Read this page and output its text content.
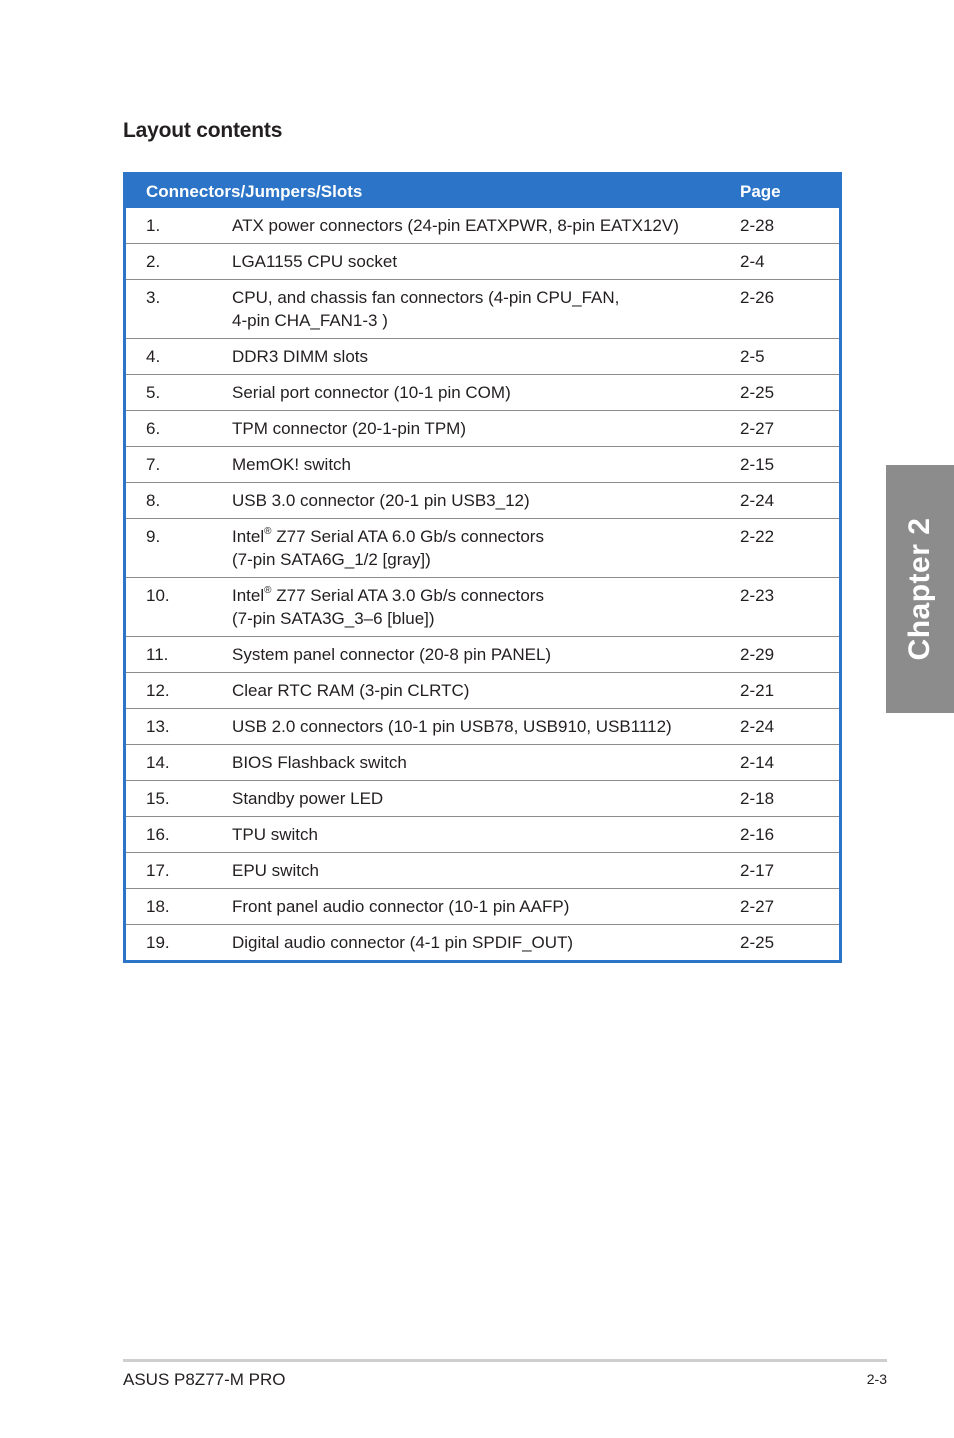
Layout contents
Connectors/Jumpers/Slots		Page
1.	ATX power connectors (24-pin EATXPWR, 8-pin EATX12V)	2-28
2.	LGA1155 CPU socket	2-4
3.	CPU, and chassis fan connectors (4-pin CPU_FAN,
4-pin CHA_FAN1-3 )	2-26
4.	DDR3 DIMM slots	2-5
5.	Serial port connector (10-1 pin COM)	2-25
6.	TPM connector (20-1-pin TPM)	2-27
7.	MemOK! switch	2-15
8.	USB 3.0 connector (20-1 pin USB3_12)	2-24
9.	Intel® Z77 Serial ATA 6.0 Gb/s connectors
(7-pin SATA6G_1/2 [gray])	2-22
10.	Intel® Z77 Serial ATA 3.0 Gb/s connectors
(7-pin SATA3G_3–6 [blue])	2-23
11.	System panel connector (20-8 pin PANEL)	2-29
12.	Clear RTC RAM (3-pin CLRTC)	2-21
13.	USB 2.0 connectors (10-1 pin USB78, USB910, USB1112)	2-24
14.	BIOS Flashback switch	2-14
15.	Standby power LED	2-18
16.	TPU switch	2-16
17.	EPU switch	2-17
18.	Front panel audio connector (10-1 pin AAFP)	2-27
19.	Digital audio connector (4-1 pin SPDIF_OUT)	2-25
Chapter 2
ASUS P8Z77-M PRO	2-3
